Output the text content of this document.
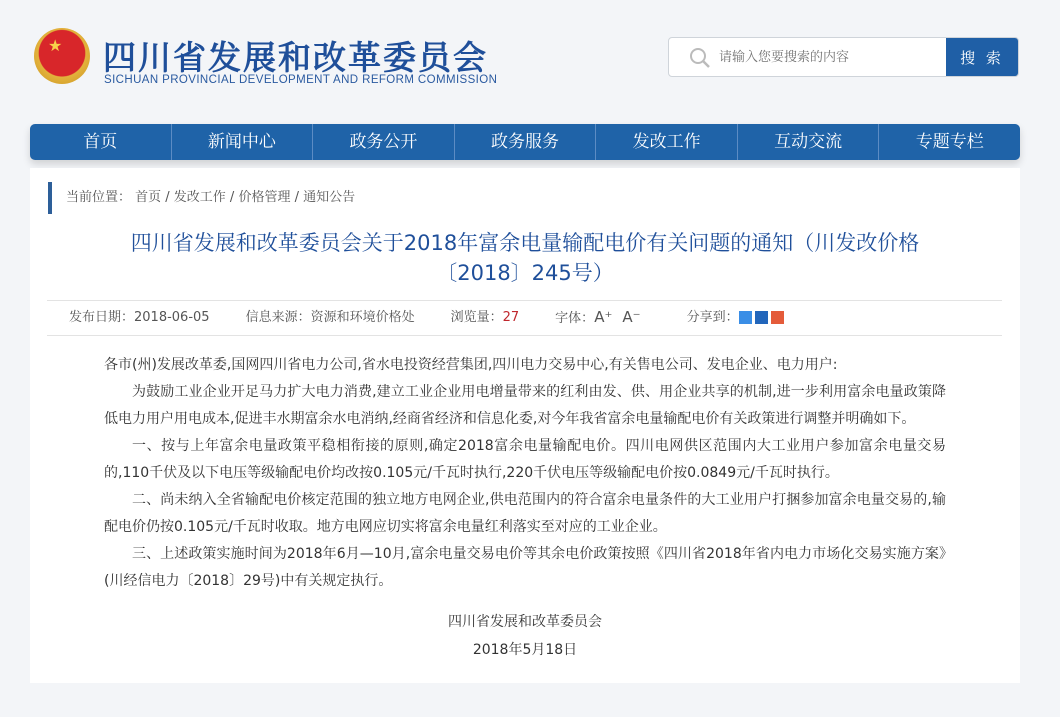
★ 四川省发展和改革委员会
SICHUAN PROVINCIAL DEVELOPMENT AND REFORM COMMISSION
请输入您要搜索的内容
搜 索
首页	新闻中心	政务公开	政务服务	发改工作	互动交流	专题专栏
当前位置： 首页 / 发改工作 / 价格管理 / 通知公告
四川省发展和改革委员会关于2018年富余电量输配电价有关问题的通知（川发改价格〔2018〕245号）
发布日期：2018-06-05	信息来源：资源和环境价格处	浏览量：27	字体：A⁺ A⁻	分享到：

各市(州)发展改革委,国网四川省电力公司,省水电投资经营集团,四川电力交易中心,有关售电公司、发电企业、电力用户:

为鼓励工业企业开足马力扩大电力消费,建立工业企业用电增量带来的红利由发、供、用企业共享的机制,进一步利用富余电量政策降低电力用户用电成本,促进丰水期富余水电消纳,经商省经济和信息化委,对今年我省富余电量输配电价有关政策进行调整并明确如下。

一、按与上年富余电量政策平稳相衔接的原则,确定2018富余电量输配电价。四川电网供区范围内大工业用户参加富余电量交易的,110千伏及以下电压等级输配电价均改按0.105元/千瓦时执行,220千伏电压等级输配电价按0.0849元/千瓦时执行。

二、尚未纳入全省输配电价核定范围的独立地方电网企业,供电范围内的符合富余电量条件的大工业用户打捆参加富余电量交易的,输配电价仍按0.105元/千瓦时收取。地方电网应切实将富余电量红利落实至对应的工业企业。

三、上述政策实施时间为2018年6月—10月,富余电量交易电价等其余电价政策按照《四川省2018年省内电力市场化交易实施方案》(川经信电力〔2018〕29号)中有关规定执行。

四川省发展和改革委员会
2018年5月18日
